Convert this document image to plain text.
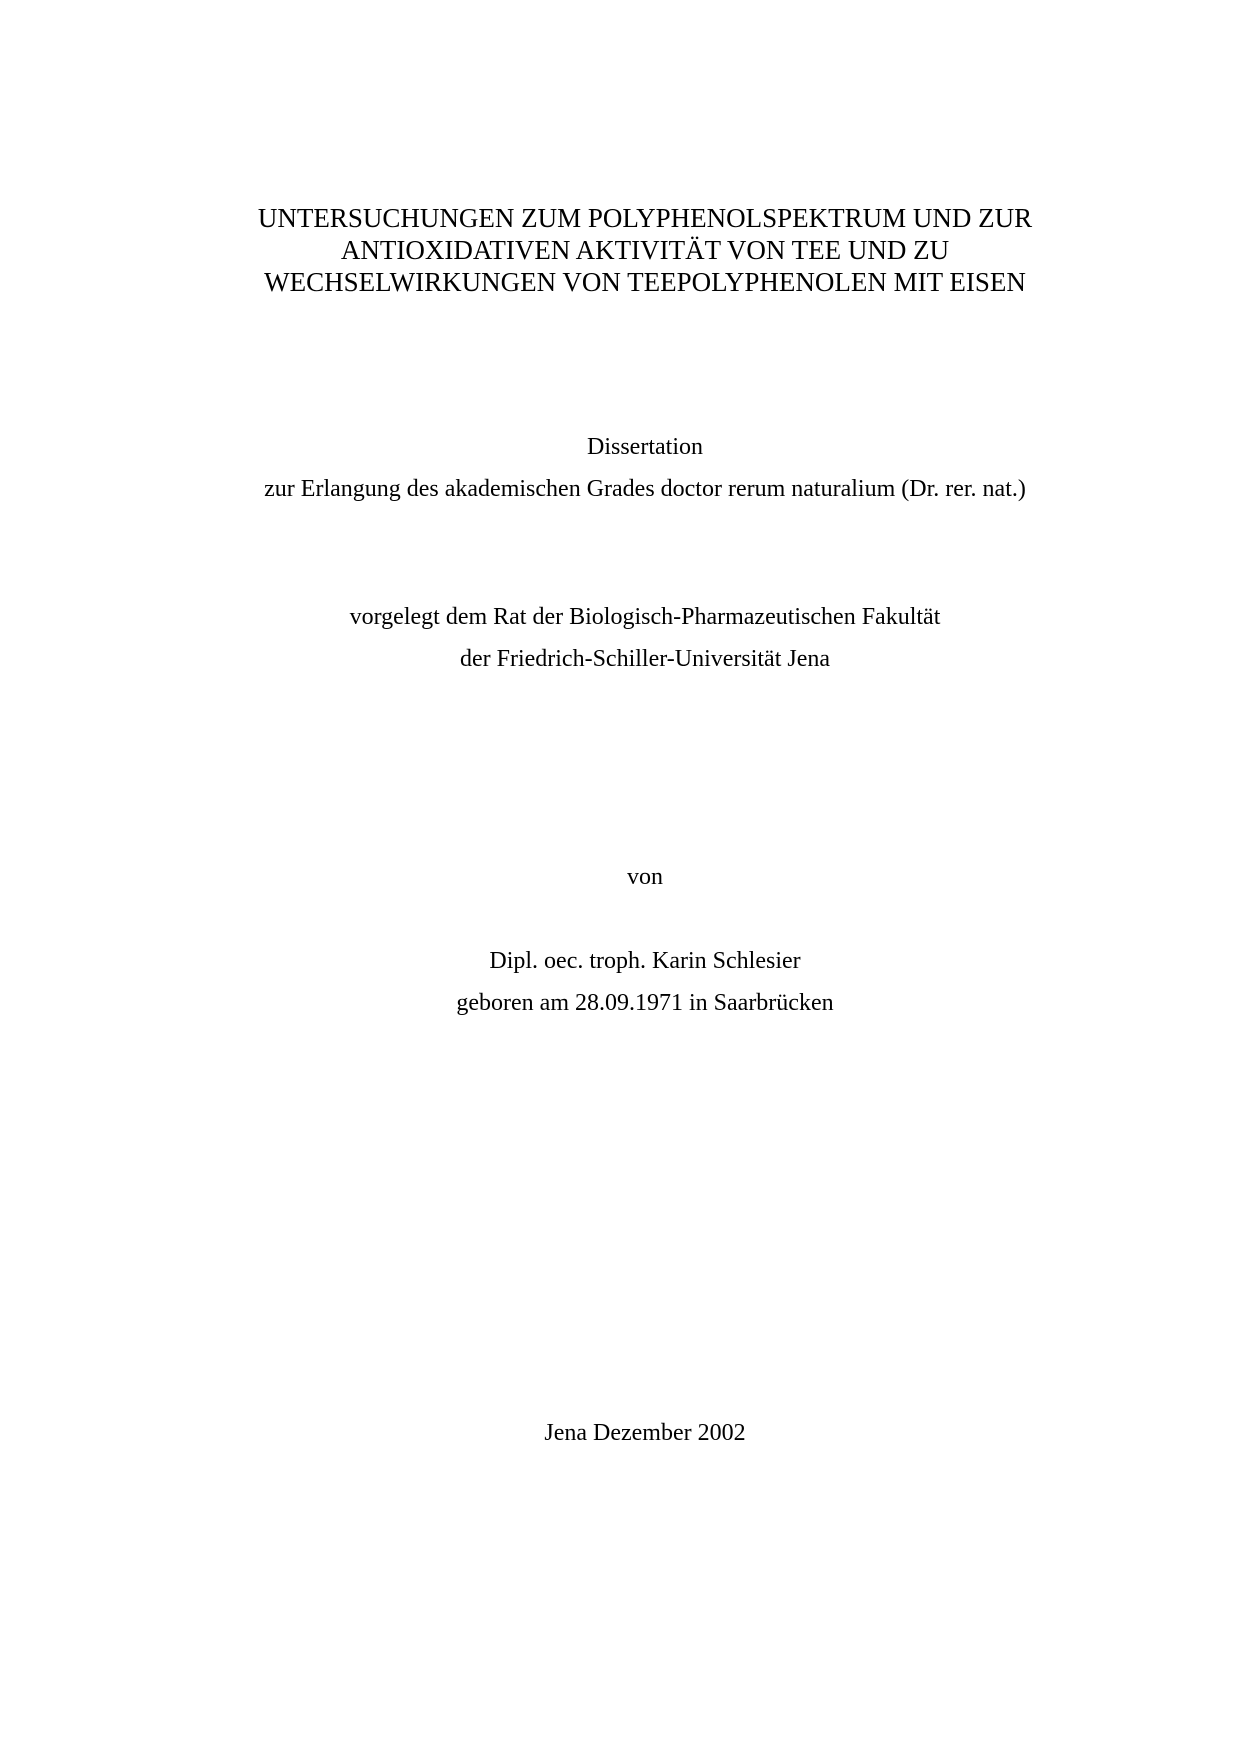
UNTERSUCHUNGEN ZUM POLYPHENOLSPEKTRUM UND ZUR
ANTIOXIDATIVEN AKTIVITÄT VON TEE UND ZU
WECHSELWIRKUNGEN VON TEEPOLYPHENOLEN MIT EISEN
Dissertation
zur Erlangung des akademischen Grades doctor rerum naturalium (Dr. rer. nat.)
vorgelegt dem Rat der Biologisch-Pharmazeutischen Fakultät
der Friedrich-Schiller-Universität Jena
von
Dipl. oec. troph. Karin Schlesier
geboren am 28.09.1971 in Saarbrücken
Jena Dezember 2002
